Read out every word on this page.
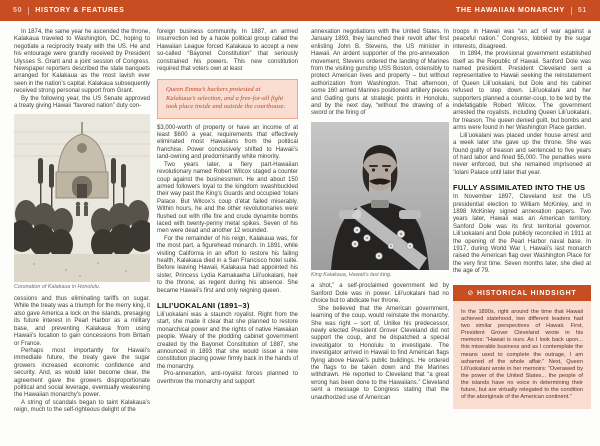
50 HISTORY & FEATURES	THE HAWAIIAN MONARCHY 51

In 1874, the same year he ascended the throne, Kalakaua traveled to Washington, DC, hoping to negotiate a reciprocity treaty with the US. He and his entourage were grandly received by President Ulysses S. Grant and a joint session of Congress. Newspaper reporters described the state banquets arranged for Kalakaua as the most lavish ever seen in the nation’s capital. Kalakaua subsequently received strong personal support from Grant.

By the following year, the US Senate approved a treaty giving Hawaii “favored nation” duty con-

Coronation of Kalakaua in Honolulu.

cessions and thus eliminating tariffs on sugar. While the treaty was a triumph for the merry king, it also gave America a lock on the islands, presaging its future interest in Pearl Harbor as a military base, and preventing Kalakaua from using Hawaii’s location to gain concessions from Britain or France.

Perhaps most importantly for Hawaii’s immediate future, the treaty gave the sugar growers increased economic confidence and security. And, as would later become clear, the agreement gave the growers disproportionate political and social leverage, eventually weakening the Hawaiian monarchy’s power.

A string of scandals began to taint Kalakaua’s reign, much to the self-righteous delight of the

foreign business community. In 1887, an armed insurrection led by a haole political group called the Hawaiian League forced Kalakaua to accept a new so-called “Bayonet Constitution” that seriously constrained his powers. This new constitution required that voters own at least

Queen Emma’s backers protested at Kalakaua’s selection, and a free-for-all fight took place inside and outside the courthouse.

$3,000-worth of property or have an income of at least $600 a year, requirements that effectively eliminated most Hawaiians from the political franchise. Power conclusively shifted to Hawaii’s land-owning and predominantly white minority.

Two years later, a fiery part-Hawaiian revolutionary named Robert Wilcox staged a counter coup against the businessmen. He and about 150 armed followers loyal to the kingdom swashbuckled their way past the King’s Guards and occupied ‘Iolani Palace. But Wilcox’s coup d’état failed miserably. Within hours, he and the other revolutionaries were flushed out with rifle fire and crude dynamite bombs laced with twenty-penny metal spikes. Seven of his men were dead and another 12 wounded.

For the remainder of his reign, Kalakaua was, for the most part, a figurehead monarch. In 1891, while visiting California in an effort to restore his failing health, Kalakaua died in a San Francisco hotel suite. Before leaving Hawaii, Kalakaua had appointed his sister, Princess Lydia Kamakaeha Lili’uokalani, heir to the throne, as regent during his absence. She became Hawaii’s first and only reigning queen.

LILI’UOKALANI (1891–3)

Lili’uokalani was a staunch royalist. Right from the start, she made it clear that she planned to restore monarchical power and the rights of native Hawaiian people. Weary of the plodding cabinet government created by the Bayonet Constitution of 1887, she announced in 1893 that she would issue a new constitution placing power firmly back in the hands of the monarchy.

Pro-annexation, anti-royalist forces planned to overthrow the monarchy and support

annexation negotiations with the United States. In January 1893, they launched their revolt after first enlisting John B. Stevens, the US minister in Hawaii. An ardent supporter of the pro-annexation movement, Stevens ordered the landing of Marines from the visiting gunship USS Boston, ostensibly to protect American lives and property – but without authorization from Washington. That afternoon, some 160 armed Marines positioned artillery pieces and Gatling guns at strategic points in Honolulu, and by the next day, “without the drawing of a sword or the firing of

King Kalakaua, Hawaii’s last king.

a shot,” a self-proclaimed government led by Sanford Dole was in power. Lili’uokalani had no choice but to abdicate her throne.

She believed that the American government, learning of the coup, would reinstate the monarchy. She was right – sort of. Unlike his predecessor, newly elected President Grover Cleveland did not support the coup, and he dispatched a special investigator to Honolulu to investigate. The investigator arrived in Hawaii to find American flags flying above Hawaii’s public buildings. He ordered the flags to be taken down and the Marines withdrawn. He reported to Cleveland that “a great wrong has been done to the Hawaiians.” Cleveland sent a message to Congress stating that the unauthorized use of American

troops in Hawaii was “an act of war against a peaceful nation.” Congress, lobbied by the sugar interests, disagreed.

In 1894, the provisional government established itself as the Republic of Hawaii. Sanford Dole was named president. President Cleveland sent a representative to Hawaii seeking the reinstatement of Queen Lili’uokalani, but Dole and his cabinet refused to step down. Lili’uokalani and her supporters planned a counter-coup, to be led by the indefatigable Robert Wilcox. The government arrested the royalists, including Queen Lili’uokalani, for treason. The queen denied guilt, but bombs and arms were found in her Washington Place garden.

Lili’uokalani was placed under house arrest and a week later she gave up the throne. She was found guilty of treason and sentenced to five years of hard labor and fined $5,000. The penalties were never enforced, but she remained imprisoned at ‘Iolani Palace until later that year.

FULLY ASSIMILATED INTO THE US

In November 1897, Cleveland lost the US presidential election to William McKinley, and in 1898 McKinley signed annexation papers. Two years later, Hawaii was an American territory. Sanford Dole was its first territorial governor. Lili’uokalani and Dole publicly reconciled in 1911 at the opening of the Pearl Harbor naval base. In 1917, during World War I, Hawaii’s last monarch raised the American flag over Washington Place for the very first time. Seven months later, she died at the age of 79.

⊘ HISTORICAL HINDSIGHT
In the 1890s, right around the time that Hawaii achieved statehood, two different leaders had two similar perspectives of Hawaii. First, President Grover Cleveland wrote in his memoirs: “Hawaii is ours. As I look back upon... this miserable business and as I contemplate the means used to complete the outrage, I am ashamed of the whole affair.” Next, Queen Lili’uokalani wrote in her memoirs: “Overawed by the power of the United States... the people of the islands have no voice in determining their future, but are virtually relegated to the condition of the aboriginals of the American continent.”
